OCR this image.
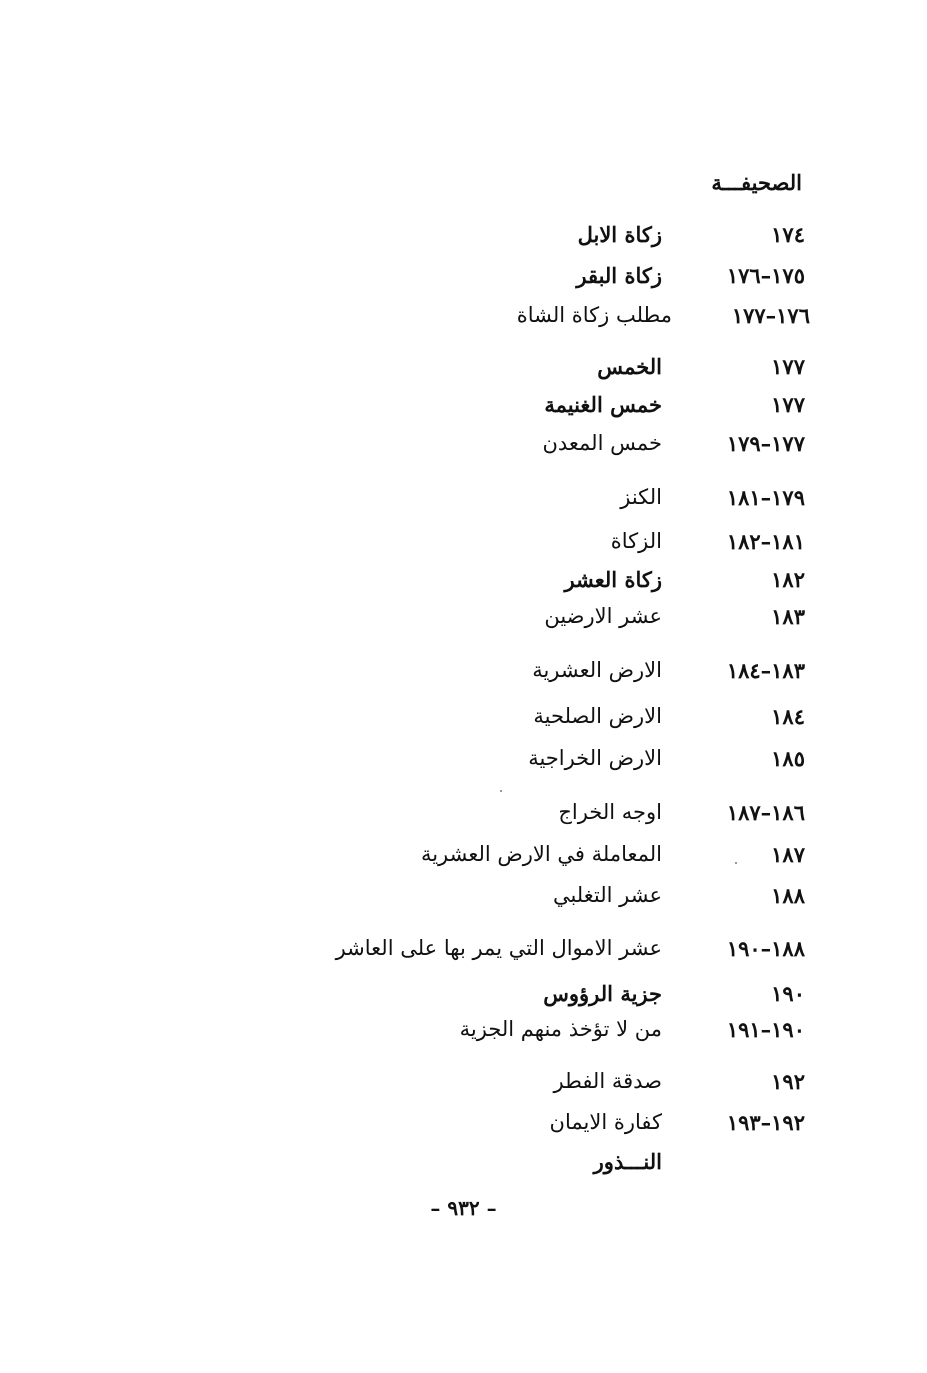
الصحيفـــة
١٧٤
زكاة الابل
١٧٥–١٧٦
زكاة البقر
١٧٦–١٧٧
مطلب زكاة الشاة
١٧٧
الخمس
١٧٧
خمس الغنيمة
١٧٧–١٧٩
خمس المعدن
١٧٩–١٨١
الكنز
١٨١–١٨٢
الزكاة
١٨٢
زكاة العشر
١٨٣
عشر الارضين
١٨٣–١٨٤
الارض العشرية
١٨٤
الارض الصلحية
١٨٥
الارض الخراجية
١٨٦–١٨٧
اوجه الخراج
١٨٧
المعاملة في الارض العشرية
١٨٨
عشر التغلبي
١٨٨–١٩٠
عشر الاموال التي يمر بها على العاشر
١٩٠
جزية الرؤوس
١٩٠–١٩١
من لا تؤخذ منهم الجزية
١٩٢
صدقة الفطر
١٩٢–١٩٣
كفارة الايمان
النـــذور
– ٩٣٢ –
